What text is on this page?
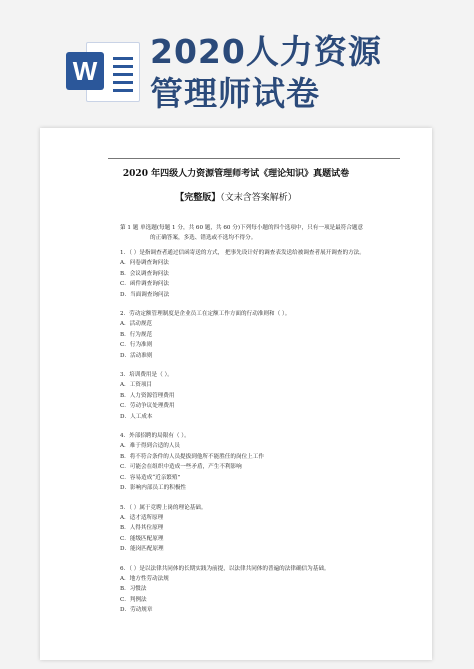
W 2020人力资源
管理师试卷
2020 年四级人力资源管理师考试《理论知识》真题试卷
【完整版】（文末含答案解析）
第 1 题 单选题(每题 1 分，共 60 题，共 60 分)下列每小题的四个选项中，只有一项是最符合题意
的正确答案，多选、错选或不选均不得分。
1．（ ）是指调查者通过信函寄送的方式， 把事先设计好的调查表发送给被调查者展开调查的方法。
A．问卷调查询问法
B．会议调查询问法
C．函件调查询问法
D．当面调查询问法
2．劳动定额管理制度是企业员工在定额工作方面的行动准则和（ ）。
A．活动规范
B．行为规范
C．行为准则
D．活动准则
3．培训费用是（ ）。
A．工资项目
B．人力资源管理费用
C．劳动争议处理费用
D．人工成本
4．外部招聘的局限有（ ）。
A．难于得到合适的人员
B．将不符合条件的人员提拔到他所不能胜任的岗位上工作
C．可能会在组织中造成一些矛盾，产生不利影响
C．容易造成“近亲繁殖”
D．影响内部员工的积极性
5．（ ）属于竞聘上岗的理论基础。
A．适才适所原理
B．人得其位原理
C．能级匹配原理
D．能岗匹配原理
6．（ ）是以法律共同体的长期实践为前提，以法律共同体的普遍的法律确信为基础。
A．地方性劳动法规
B．习惯法
C．判例法
D．劳动规章
